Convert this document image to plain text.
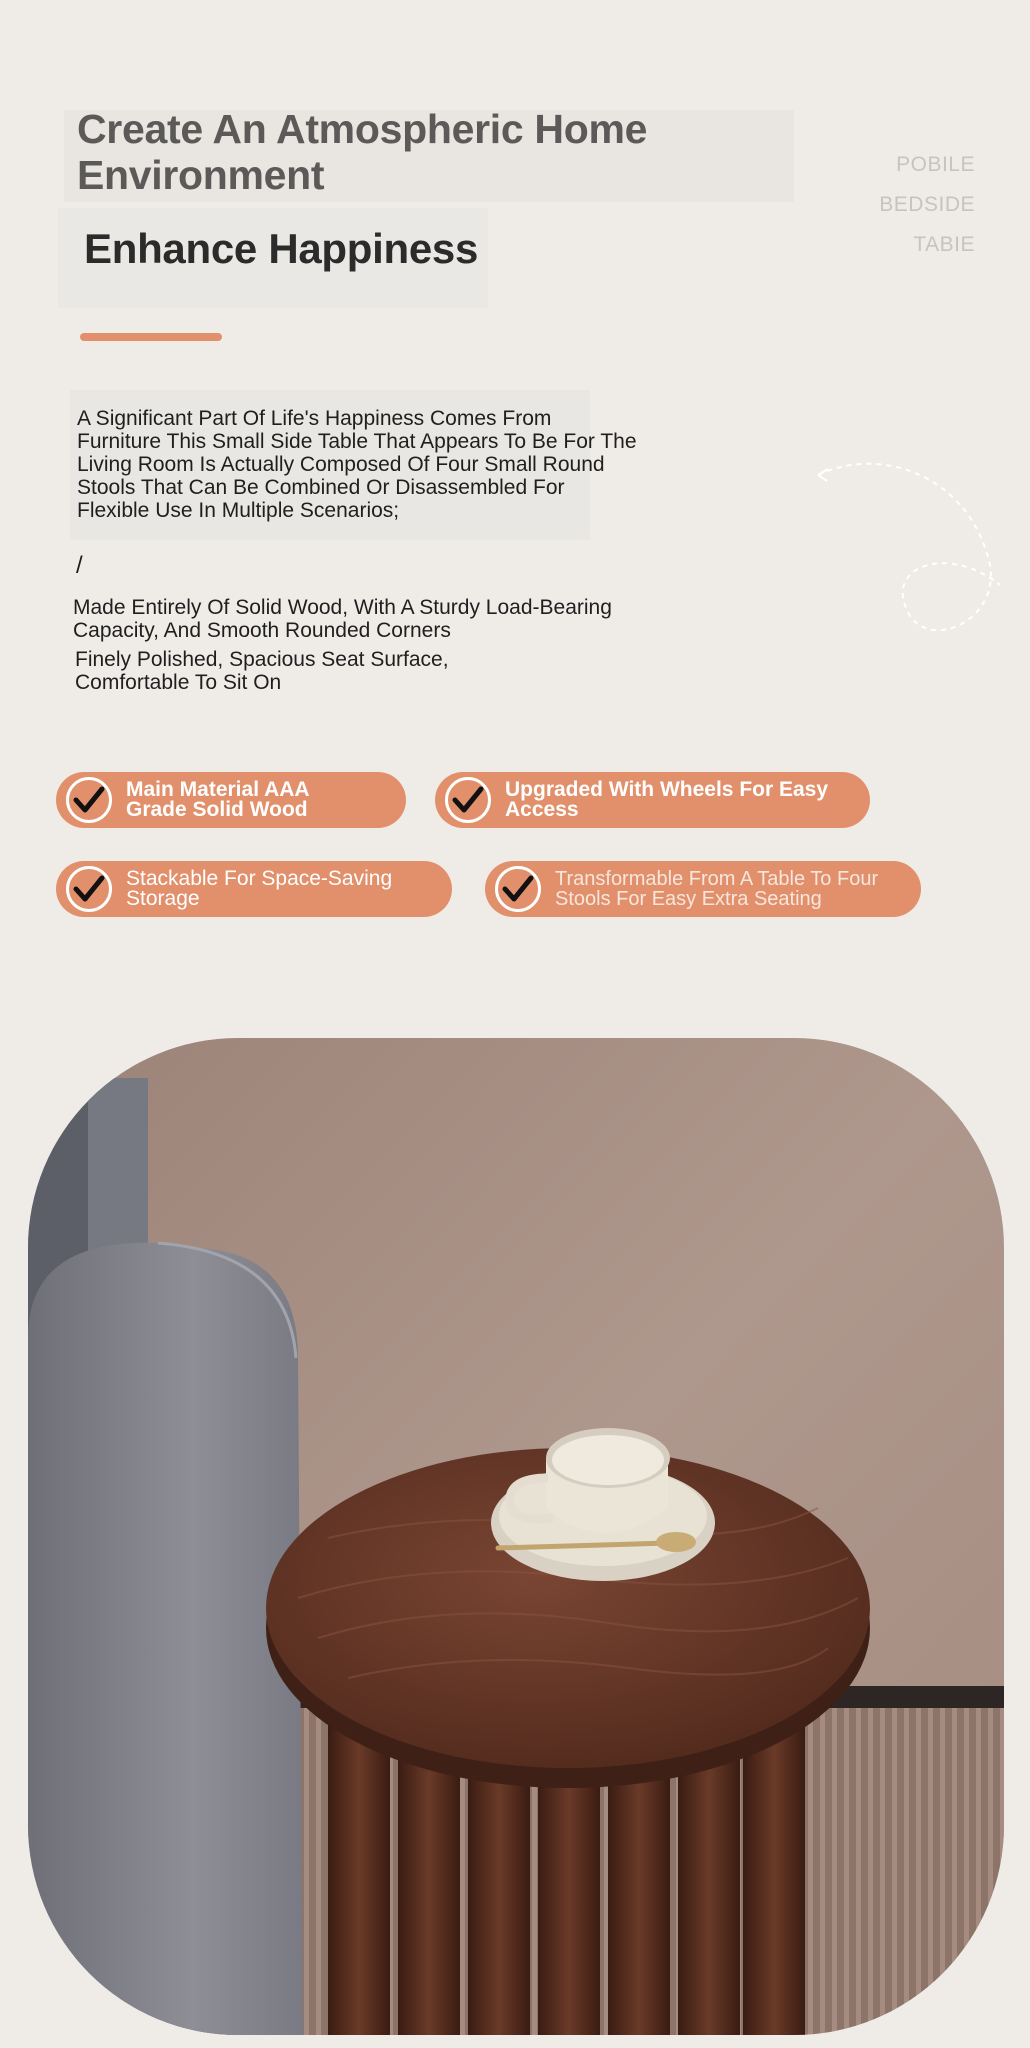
Create An Atmospheric Home Environment
Enhance Happiness
POBILE
BEDSIDE
TABIE

A Significant Part Of Life's Happiness Comes From Furniture This Small Side Table That Appears To Be For The Living Room Is Actually Composed Of Four Small Round Stools That Can Be Combined Or Disassembled For Flexible Use In Multiple Scenarios;

/

Made Entirely Of Solid Wood, With A Sturdy Load-Bearing Capacity, And Smooth Rounded Corners

Finely Polished, Spacious Seat Surface, Comfortable To Sit On

Main Material AAA Grade Solid Wood
Upgraded With Wheels For Easy Access
Stackable For Space-Saving Storage
Transformable From A Table To Four Stools For Easy Extra Seating
